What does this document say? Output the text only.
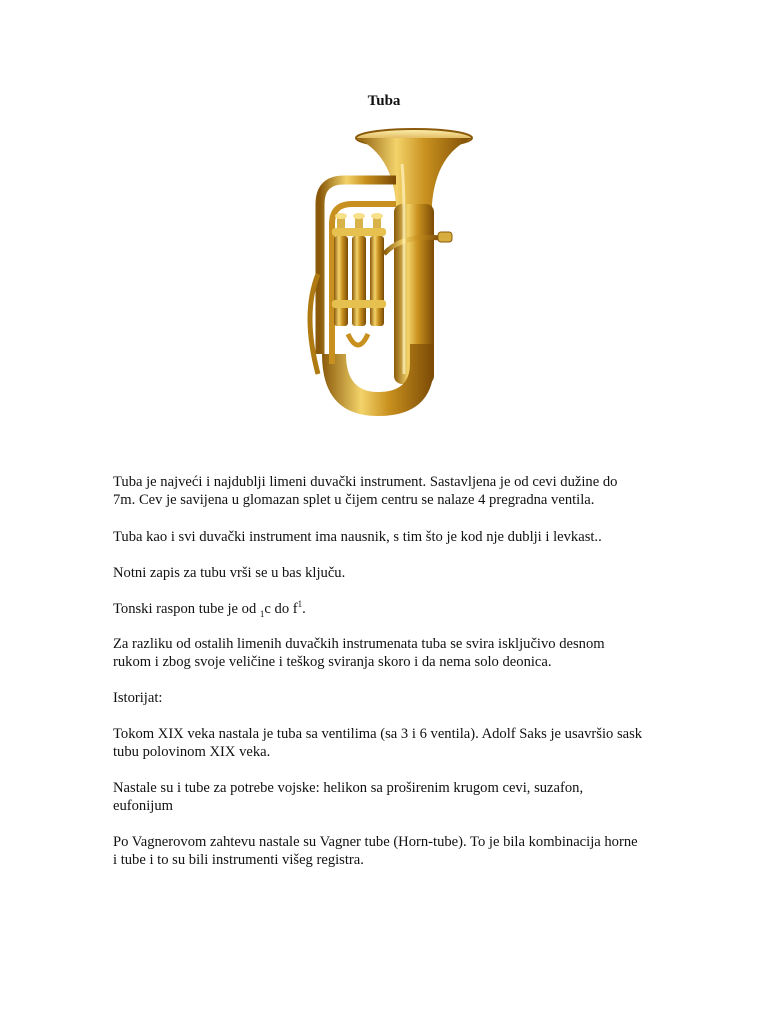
Tuba

Tuba je najveći i najdublji limeni duvački instrument. Sastavljena je od cevi dužine do 7m. Cev je savijena u glomazan splet u čijem centru se nalaze 4 pregradna ventila.

Tuba kao i svi duvački instrument ima nausnik, s tim što je kod nje dublji i levkast..

Notni zapis za tubu vrši se u bas ključu.

Tonski raspon tube je od $_1$c do $f^1$.

Za razliku od ostalih limenih duvačkih instrumenata tuba se svira isključivo desnom rukom i zbog svoje veličine i teškog sviranja skoro i da nema solo deonica.

Istorijat:

Tokom XIX veka nastala je tuba sa ventilima (sa 3 i 6 ventila). Adolf Saks je usavršio sask tubu polovinom XIX veka.

Nastale su i tube za potrebe vojske: helikon sa proširenim krugom cevi, suzafon, eufonijum

Po Vagnerovom zahtevu nastale su Vagner tube (Horn-tube). To je bila kombinacija horne i tube i to su bili instrumenti višeg registra.
